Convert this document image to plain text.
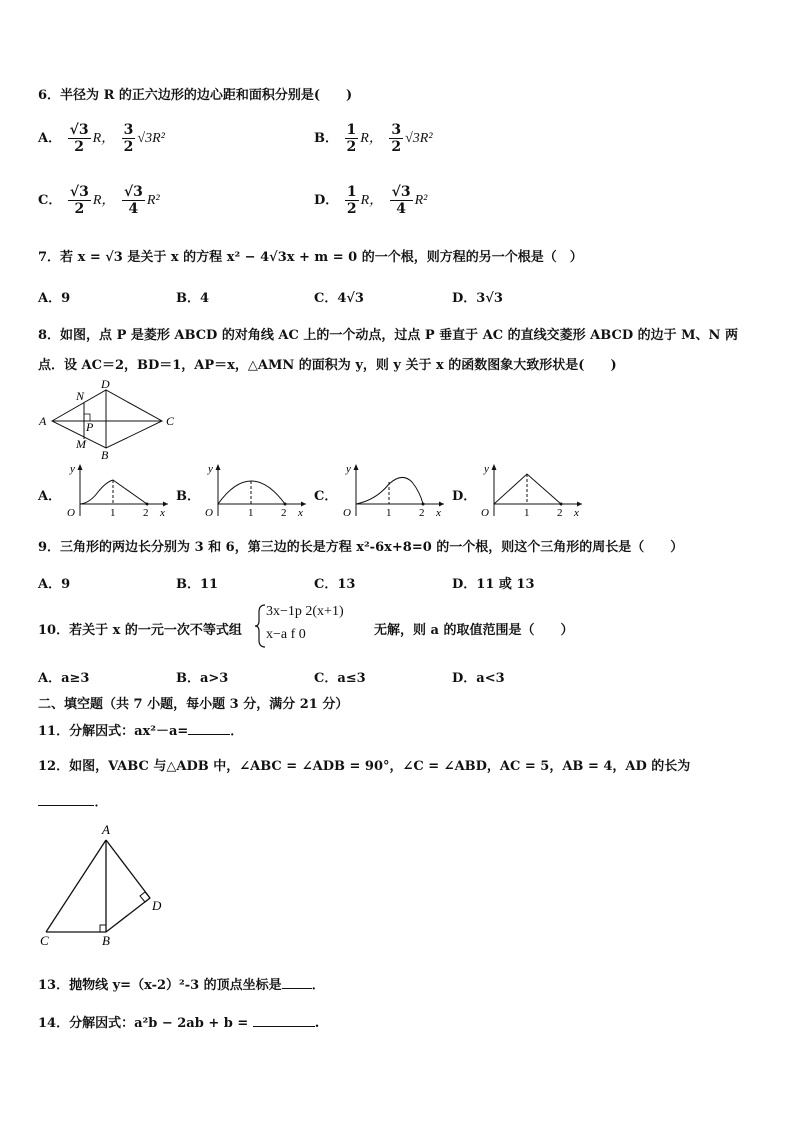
6．半径为 R 的正六边形的边心距和面积分别是(　　)
A． $\frac{√3}{2}$ R， $\frac{3}{2} √3R^2$	B． $\frac{1}{2}$ R， $\frac{3}{2} √3R^2$
C． $\frac{√3}{2}$ R， $\frac{√3}{4} R^2$	D． $\frac{1}{2}$ R， $\frac{√3}{4} R^2$
7．若 x = √3 是关于 x 的方程 x² − 4√3x + m = 0 的一个根，则方程的另一个根是（　）
A．9	B．4	C．4√3	D．3√3
8．如图，点 P 是菱形 ABCD 的对角线 AC 上的一个动点，过点 P 垂直于 AC 的直线交菱形 ABCD 的边于 M、N 两
点．设 AC＝2，BD＝1，AP＝x，△AMN 的面积为 y，则 y 关于 x 的函数图象大致形状是(　　)
A
B
C
D
N
P
M
A．	B．	C．	D．
O	1	2 x
y
O	1	2 x
y
O	1	2 x
y
O	1	2 x
y
9．三角形的两边长分别为 3 和 6，第三边的长是方程 x²-6x+8=0 的一个根，则这个三角形的周长是（　　）
A．9	B．11	C．13	D．11 或 13
10．若关于 x 的一元一次不等式组
3x−1p 2(x+1)
x−a f 0	无解，则 a 的取值范围是（　　）
A．a≥3	B．a>3	C．a≤3	D．a<3
二、填空题（共 7 小题，每小题 3 分，满分 21 分）
11．分解因式：ax²－a=	．
12．如图，VABC 与△ADB 中，∠ABC = ∠ADB = 90°，∠C = ∠ABD，AC = 5，AB = 4，AD 的长为
．
A
B
C
D
13．抛物线 y=（x-2）²-3 的顶点坐标是 ．
14．分解因式：a²b − 2ab + b =	.
